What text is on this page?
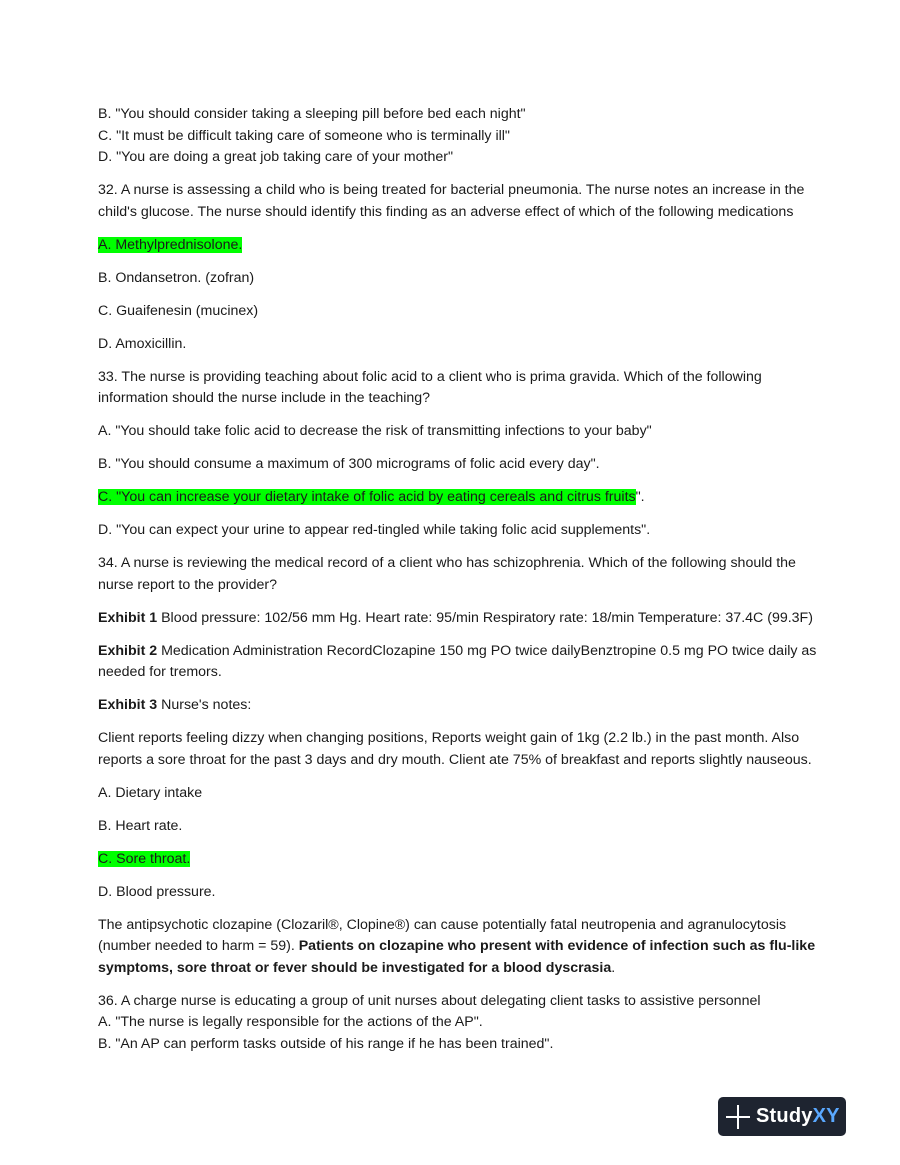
B. "You should consider taking a sleeping pill before bed each night"

C. "It must be difficult taking care of someone who is terminally ill"

D. "You are doing a great job taking care of your mother"

32. A nurse is assessing a child who is being treated for bacterial pneumonia. The nurse notes an increase in the child's glucose. The nurse should identify this finding as an adverse effect of which of the following medications

A. Methylprednisolone.

B. Ondansetron. (zofran)

C. Guaifenesin (mucinex)

D. Amoxicillin.

33. The nurse is providing teaching about folic acid to a client who is prima gravida. Which of the following information should the nurse include in the teaching?

A. "You should take folic acid to decrease the risk of transmitting infections to your baby"

B. "You should consume a maximum of 300 micrograms of folic acid every day".

C. "You can increase your dietary intake of folic acid by eating cereals and citrus fruits".

D. "You can expect your urine to appear red-tingled while taking folic acid supplements".

34. A nurse is reviewing the medical record of a client who has schizophrenia. Which of the following should the nurse report to the provider?

Exhibit 1 Blood pressure: 102/56 mm Hg. Heart rate: 95/min Respiratory rate: 18/min Temperature: 37.4C (99.3F)

Exhibit 2 Medication Administration RecordClozapine 150 mg PO twice dailyBenztropine 0.5 mg PO twice daily as needed for tremors.

Exhibit 3 Nurse's notes:

Client reports feeling dizzy when changing positions, Reports weight gain of 1kg (2.2 lb.) in the past month. Also reports a sore throat for the past 3 days and dry mouth. Client ate 75% of breakfast and reports slightly nauseous.

A. Dietary intake

B. Heart rate.

C. Sore throat.

D. Blood pressure.

The antipsychotic clozapine (Clozaril®, Clopine®) can cause potentially fatal neutropenia and agranulocytosis (number needed to harm = 59). Patients on clozapine who present with evidence of infection such as flu-like symptoms, sore throat or fever should be investigated for a blood dyscrasia.

36. A charge nurse is educating a group of unit nurses about delegating client tasks to assistive personnel

A. "The nurse is legally responsible for the actions of the AP".

B. "An AP can perform tasks outside of his range if he has been trained".

StudyXY
